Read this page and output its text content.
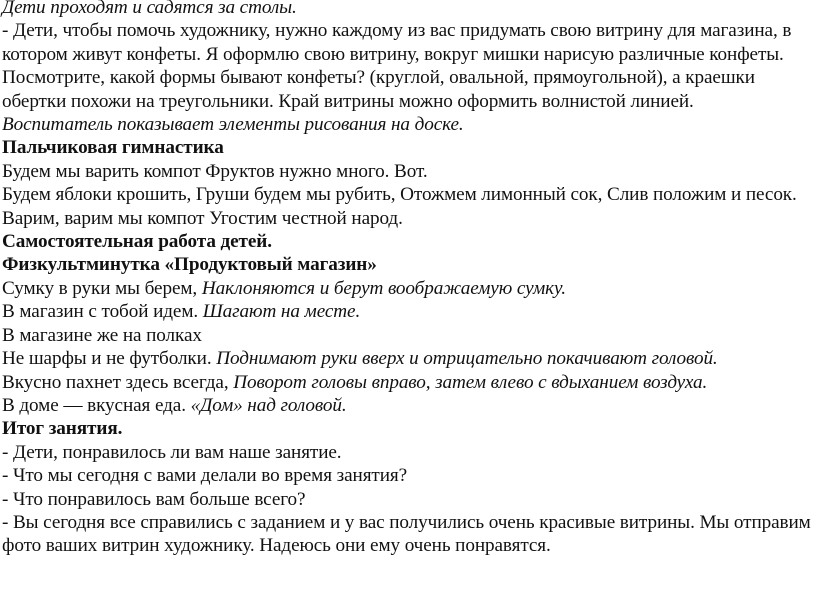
Дети проходят и садятся за столы.
- Дети, чтобы помочь художнику, нужно каждому из вас придумать свою витрину для магазина, в котором живут конфеты. Я оформлю свою витрину, вокруг мишки нарисую различные конфеты. Посмотрите, какой формы бывают конфеты? (круглой, овальной, прямоугольной), а краешки обертки похожи на треугольники. Край витрины можно оформить волнистой линией.
Воспитатель показывает элементы рисования на доске.
Пальчиковая гимнастика
Будем мы варить компот Фруктов нужно много. Вот.
Будем яблоки крошить, Груши будем мы рубить, Отожмем лимонный сок, Слив положим и песок. Варим, варим мы компот Угостим честной народ.
Самостоятельная работа детей.
Физкультминутка «Продуктовый магазин»
Сумку в руки мы берем, Наклоняются и берут воображаемую сумку.
В магазин с тобой идем. Шагают на месте.
В магазине же на полках
Не шарфы и не футболки. Поднимают руки вверх и отрицательно покачивают головой.
Вкусно пахнет здесь всегда, Поворот головы вправо, затем влево с вдыханием воздуха.
В доме — вкусная еда. «Дом» над головой.
Итог занятия.
- Дети, понравилось ли вам наше занятие.
- Что мы сегодня с вами делали во время занятия?
- Что понравилось вам больше всего?
- Вы сегодня все справились с заданием и у вас получились очень красивые витрины. Мы отправим фото ваших витрин художнику. Надеюсь они ему очень понравятся.
